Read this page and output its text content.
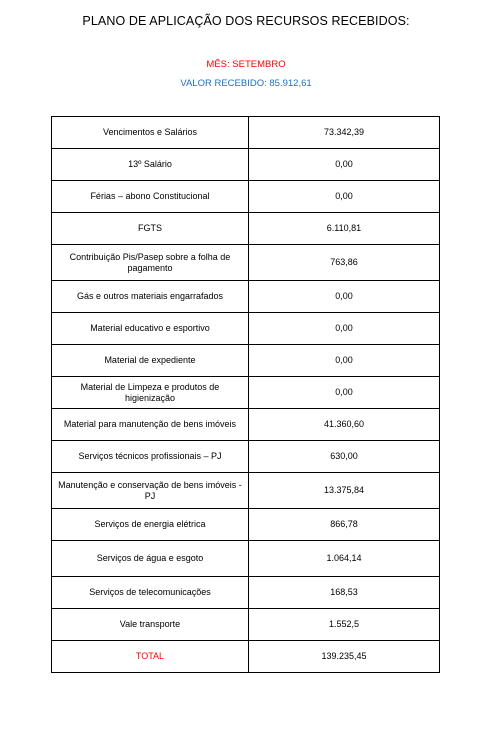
PLANO DE APLICAÇÃO DOS RECURSOS RECEBIDOS:
MÊS: SETEMBRO
VALOR RECEBIDO: 85.912,61
Vencimentos e Salários	73.342,39
13º Salário	0,00
Férias – abono Constitucional	0,00
FGTS	6.110,81
Contribuição Pis/Pasep sobre a folha de pagamento	763,86
Gás e outros materiais engarrafados	0,00
Material educativo e esportivo	0,00
Material de expediente	0,00
Material de Limpeza e produtos de higienização	0,00
Material para manutenção de bens imóveis	41.360,60
Serviços técnicos profissionais – PJ	630,00
Manutenção e conservação de bens imóveis - PJ	13.375,84
Serviços de energia elétrica	866,78
Serviços de água e esgoto	1.064,14
Serviços de telecomunicações	168,53
Vale transporte	1.552,5
TOTAL	139.235,45
